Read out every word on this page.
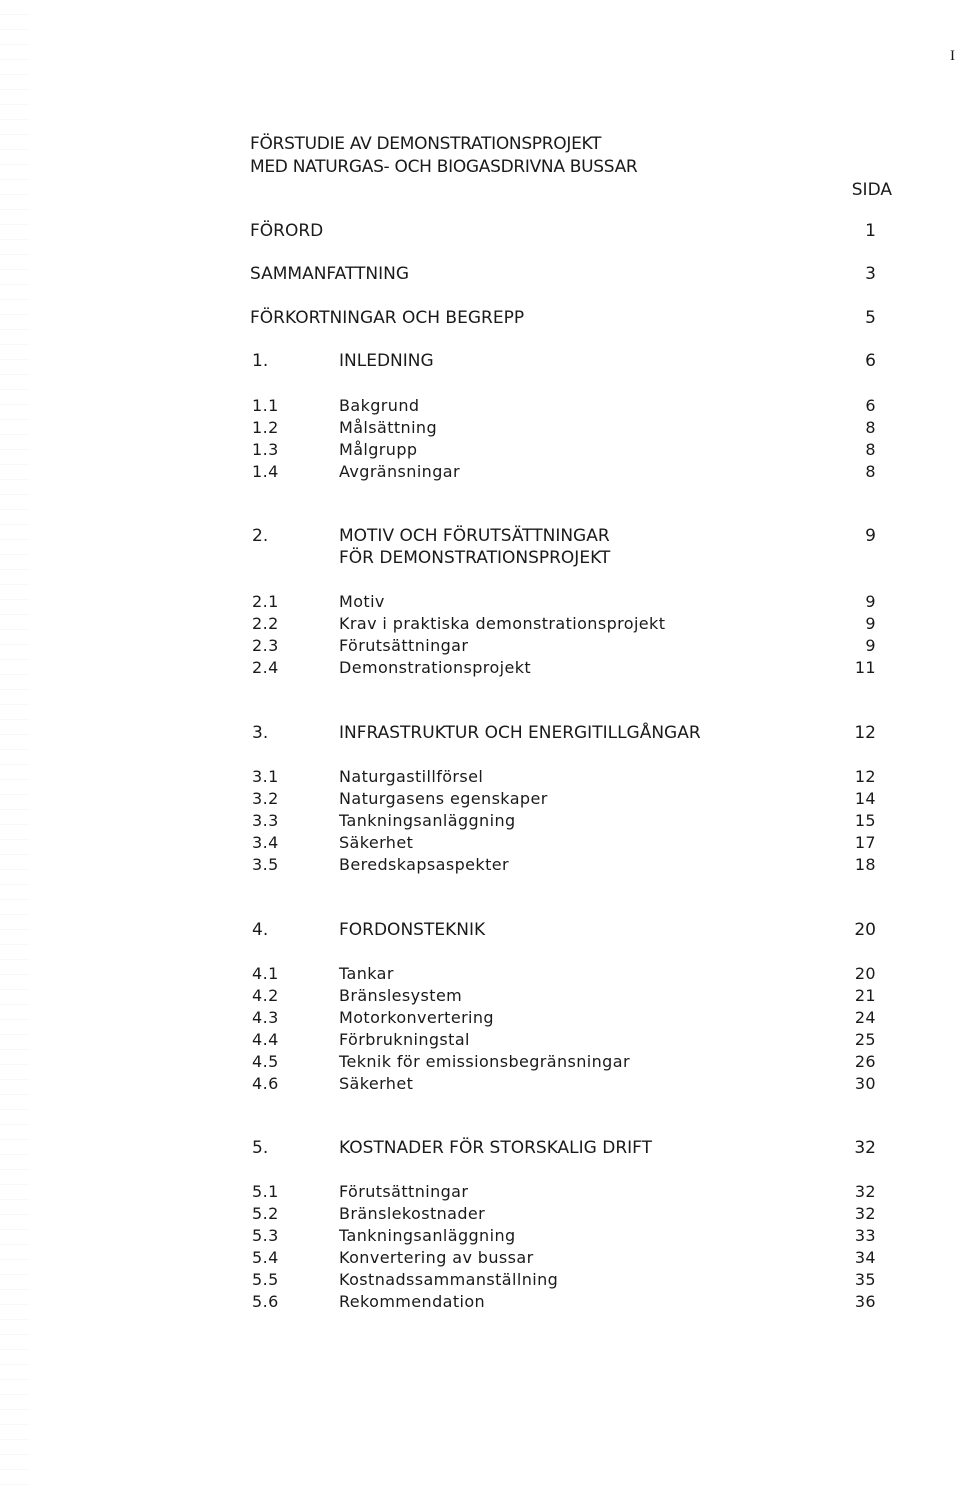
I
FÖRSTUDIE AV DEMONSTRATIONSPROJEKT
MED NATURGAS- OCH BIOGASDRIVNA BUSSAR
SIDA
FÖRORD	1
SAMMANFATTNING	3
FÖRKORTNINGAR OCH BEGREPP	5
1.	INLEDNING	6
1.1	Bakgrund	6
1.2	Målsättning	8
1.3	Målgrupp	8
1.4	Avgränsningar	8
2.	MOTIV OCH FÖRUTSÄTTNINGAR	9
FÖR DEMONSTRATIONSPROJEKT
2.1	Motiv	9
2.2	Krav i praktiska demonstrationsprojekt	9
2.3	Förutsättningar	9
2.4	Demonstrationsprojekt	11
3.	INFRASTRUKTUR OCH ENERGITILLGÅNGAR	12
3.1	Naturgastillförsel	12
3.2	Naturgasens egenskaper	14
3.3	Tankningsanläggning	15
3.4	Säkerhet	17
3.5	Beredskapsaspekter	18
4.	FORDONSTEKNIK	20
4.1	Tankar	20
4.2	Bränslesystem	21
4.3	Motorkonvertering	24
4.4	Förbrukningstal	25
4.5	Teknik för emissionsbegränsningar	26
4.6	Säkerhet	30
5.	KOSTNADER FÖR STORSKALIG DRIFT	32
5.1	Förutsättningar	32
5.2	Bränslekostnader	32
5.3	Tankningsanläggning	33
5.4	Konvertering av bussar	34
5.5	Kostnadssammanställning	35
5.6	Rekommendation	36
